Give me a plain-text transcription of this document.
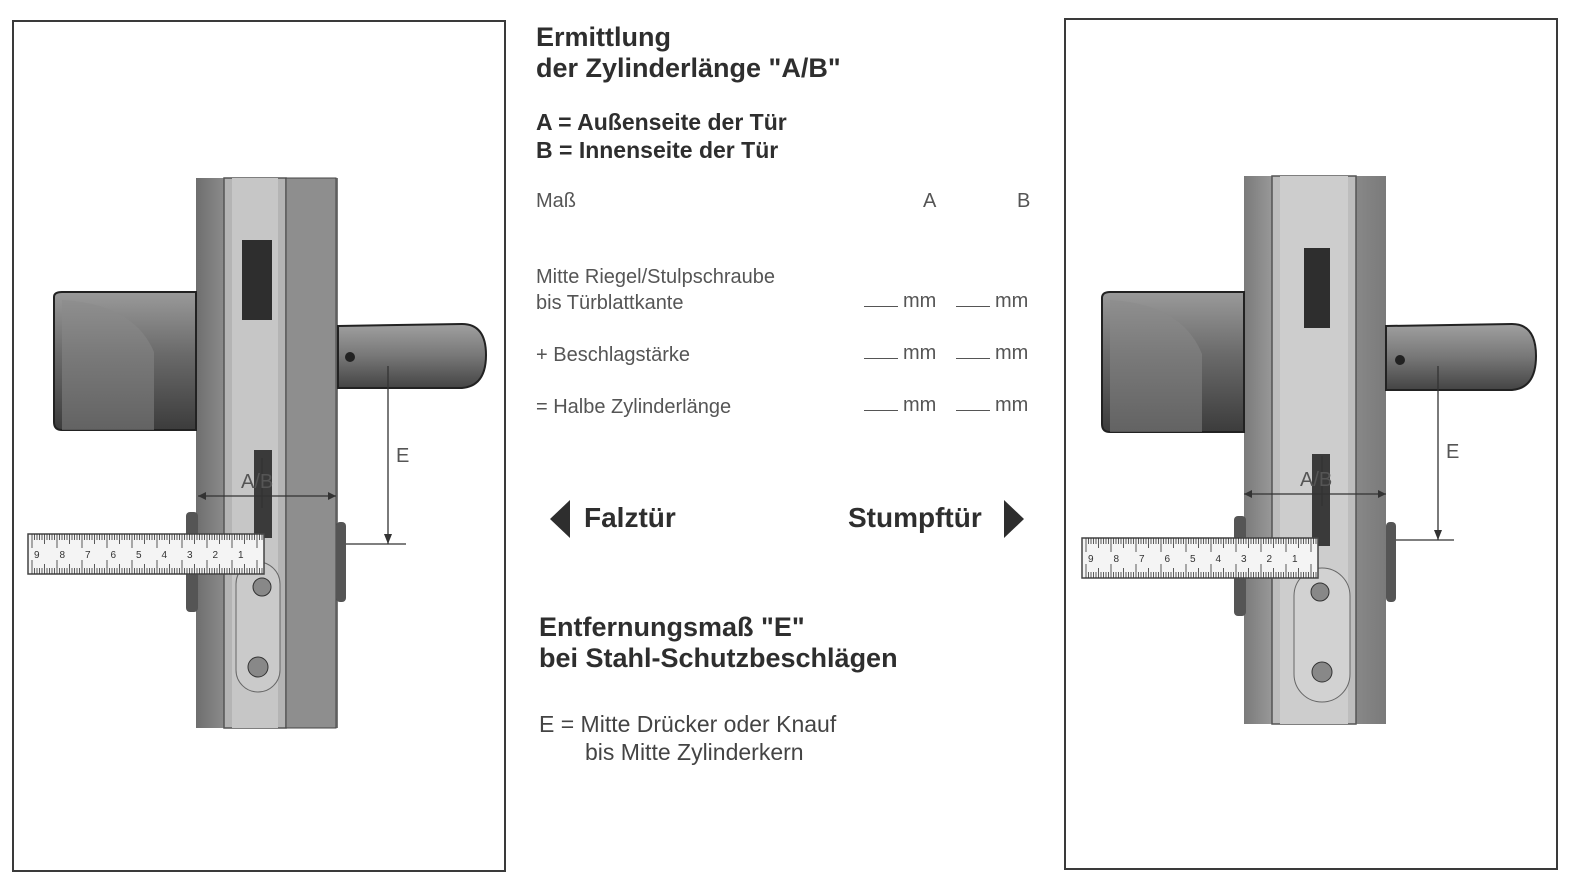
A/B
E
9 8 7 6 5 4 3 2 1
A/B
E
9 8 7 6 5 4 3 2 1
Ermittlung
der Zylinderlänge "A/B"
A = Außenseite der Tür
B = Innenseite der Tür
Maß	A	B
Mitte Riegel/Stulpschraube
bis Türblattkante	mm	mm
+ Beschlagstärke	mm	mm
= Halbe Zylinderlänge	mm	mm
Falztür	Stumpftür
Entfernungsmaß "E"
bei Stahl-Schutzbeschlägen
E = Mitte Drücker oder Knauf
bis Mitte Zylinderkern
